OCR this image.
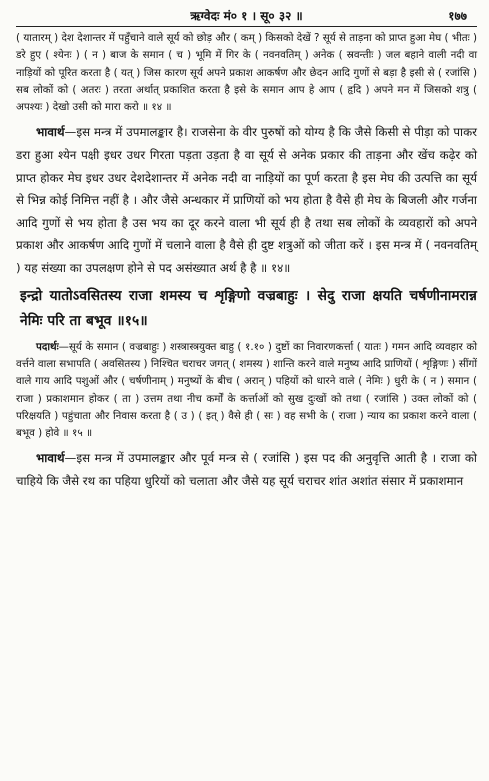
ऋग्वेदः मं० १ । सू० ३२ ॥	१७७

( यातारम् ) देश देशान्तर में पहुँचाने वाले सूर्य को छोड़ और ( कम् ) किसको देखें ? सूर्य से ताड़ना को प्राप्त हुआ मेघ ( भीतः ) डरे हुए ( श्येनः ) ( न ) बाज के समान ( च ) भूमि में गिर के ( नवनवतिम् ) अनेक ( स्रवन्तीः ) जल बहाने वाली नदी वा नाड़ियों को पूरित करता है ( यत् ) जिस कारण सूर्य अपने प्रकाश आकर्षण और छेदन आदि गुणों से बड़ा है इसी से ( रजांसि ) सब लोकों को ( अतरः ) तरता अर्थात् प्रकाशित करता है इसे के समान आप हे आप ( हृदि ) अपने मन में जिसको शत्रु ( अपश्यः ) देखो उसी को मारा करो ॥ १४ ॥

भावार्थ—इस मन्त्र में उपमालङ्कार है। राजसेना के वीर पुरुषों को योग्य है कि जैसे किसी से पीड़ा को पाकर डरा हुआ श्येन पक्षी इधर उधर गिरता पड़ता उड़ता है वा सूर्य से अनेक प्रकार की ताड़ना और खेंच कढ़ेर को प्राप्त होकर मेघ इधर उधर देशदेशान्तर में अनेक नदी वा नाड़ियों का पूर्ण करता है इस मेघ की उत्पत्ति का सूर्य से भिन्न कोई निमित्त नहीं है । और जैसे अन्धकार में प्राणियों को भय होता है वैसे ही मेघ के बिजली और गर्जना आदि गुणों से भय होता है उस भय का दूर करने वाला भी सूर्य ही है तथा सब लोकों के व्यवहारों को अपने प्रकाश और आकर्षण आदि गुणों में चलाने वाला है वैसे ही दुष्ट शत्रुओं को जीता करें । इस मन्त्र में ( नवनवतिम् ) यह संख्या का उपलक्षण होने से पद असंख्यात अर्थ है है ॥ १४॥

इन्द्रो यातोऽवसितस्य राजा शमस्य च शृङ्गिणो वज्रबाहुः । सेदु राजा क्षयति चर्षणीनामरान्न नेमिः परि ता बभूव ॥१५॥

पदार्थः—सूर्य के समान ( वज्रबाहुः ) शस्त्रास्त्रयुक्त बाहु ( १.१० ) दुष्टों का निवारणकर्त्ता ( यातः ) गमन आदि व्यवहार को वर्त्तने वाला सभापति ( अवसितस्य ) निश्चित चराचर जगत् ( शमस्य ) शान्ति करने वाले मनुष्य आदि प्राणियों ( शृङ्गिणः ) सींगों वाले गाय आदि पशुओं और ( चर्षणीनाम् ) मनुष्यों के बीच ( अरान् ) पहियों को धारने वाले ( नेमिः ) धुरी के ( न ) समान ( राजा ) प्रकाशमान होकर ( ता ) उत्तम तथा नीच कर्मों के कर्त्ताओं को सुख दुःखों को तथा ( रजांसि ) उक्त लोकों को ( परिक्षयति ) पहुंचाता और निवास करता है ( उ ) ( इत् ) वैसे ही ( सः ) वह सभी के ( राजा ) न्याय का प्रकाश करने वाला ( बभूव ) होवे ॥ १५ ॥

भावार्थ—इस मन्त्र में उपमालङ्कार और पूर्व मन्त्र से ( रजांसि ) इस पद की अनुवृत्ति आती है । राजा को चाहिये कि जैसे रथ का पहिया धुरियों को चलाता और जैसे यह सूर्य चराचर शांत अशांत संसार में प्रकाशमान
